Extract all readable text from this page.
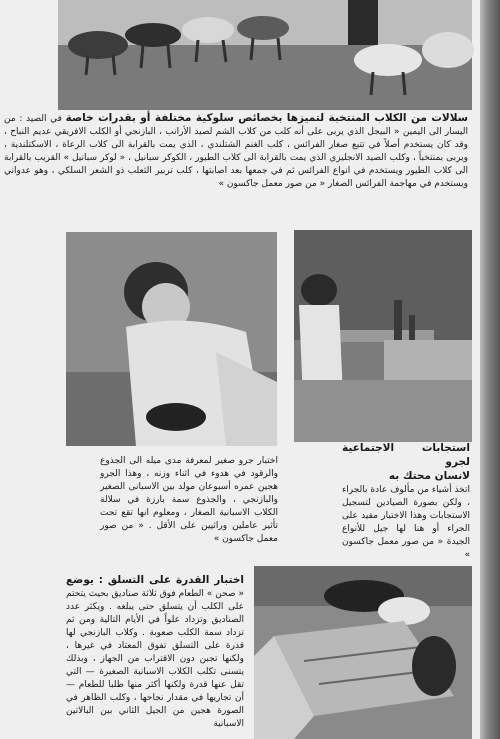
سلالات من الكلاب المنتخبة لتميزها بخصائص سلوكية مختلفة أو بقدرات خاصة في الصيد : من اليسار الى اليمين « البيجل الذي يربى على أنه كلب من كلاب الشم لصيد الأرانب ، البازنجي أو الكلب الافريقي عديم النباح ، وقد كان يستخدم أصلاً في تتبع صغار الفرائس ، كلب الغنم الشتلندي ، الذي يمت بالقرابة الى كلاب الرعاة ، الاسكتلندية ، ويربى بمنتخباً ، وكلب الصيد الانجليزي الذي يمت بالقرابة الى كلاب الطيور ، الكوكر سبانيل ، « لوكر سبانيل » القريب بالقرابة الى كلاب الطيور ويستخدم في انواع الفرائس ثم في جمعها بعد اصابتها ، كلب تربير الثعلب ذو الشعر السلكي ، وهو عدواني ويستخدم في مهاجمة الفرائس الصغار « من صور معمل جاكسون »
استجابات الاجتماعية لجرو
لانسان محتك به
اتخذ أشياء من مألوف عادة بالجراء ، ولكن بصورة الصيادين لتسجيل الاستجابات وهذا الاختبار مفيد على الجراء أو هنا لها جيل للأنواع الجيدة « من صور معمل جاكسون »
اختبار جرو صغير لمعرفة مدى ميله الى الجذوع والرقود في هدوء في اثناء وزنه ، وهذا الجرو هجين عمره أسبوعان مولد بين الاسبانى الصغير والبازنجي ، والجذوع سمة بارزة في سلالة الكلاب الاسبانية الصغار ، ومعلوم انها تقع تحت تأثير عاملين وراثيين على الأقل . « من صور معمل جاكسون »
اختبار القدرة على التسلق : يوضع « صحن » الطعام فوق ثلاثة صناديق بحيث يتحتم على الكلب أن يتسلق حتى يبلغه . ويكثر عدد الصناديق وتزداد علواً في الأيام التالية ومن ثم تزداد سمة الكلب صعوبة . وكلاب البازنجي لها قدرة على التسلق تفوق المعتاد في غيرها ، ولكنها تجبن دون الاقتراب من الجهاز ، وبذلك يتسنى تكلب الكلاب الاسبانية الصغيرة — التي تقل عنها قدرة ولكنها أكثر منها طلبا للطعام — أن تجاريها في مقدار نجاحها ، وكلب الظاهر في الصورة هجين من الجيل الثاني بين البالاتين الاسبانية
